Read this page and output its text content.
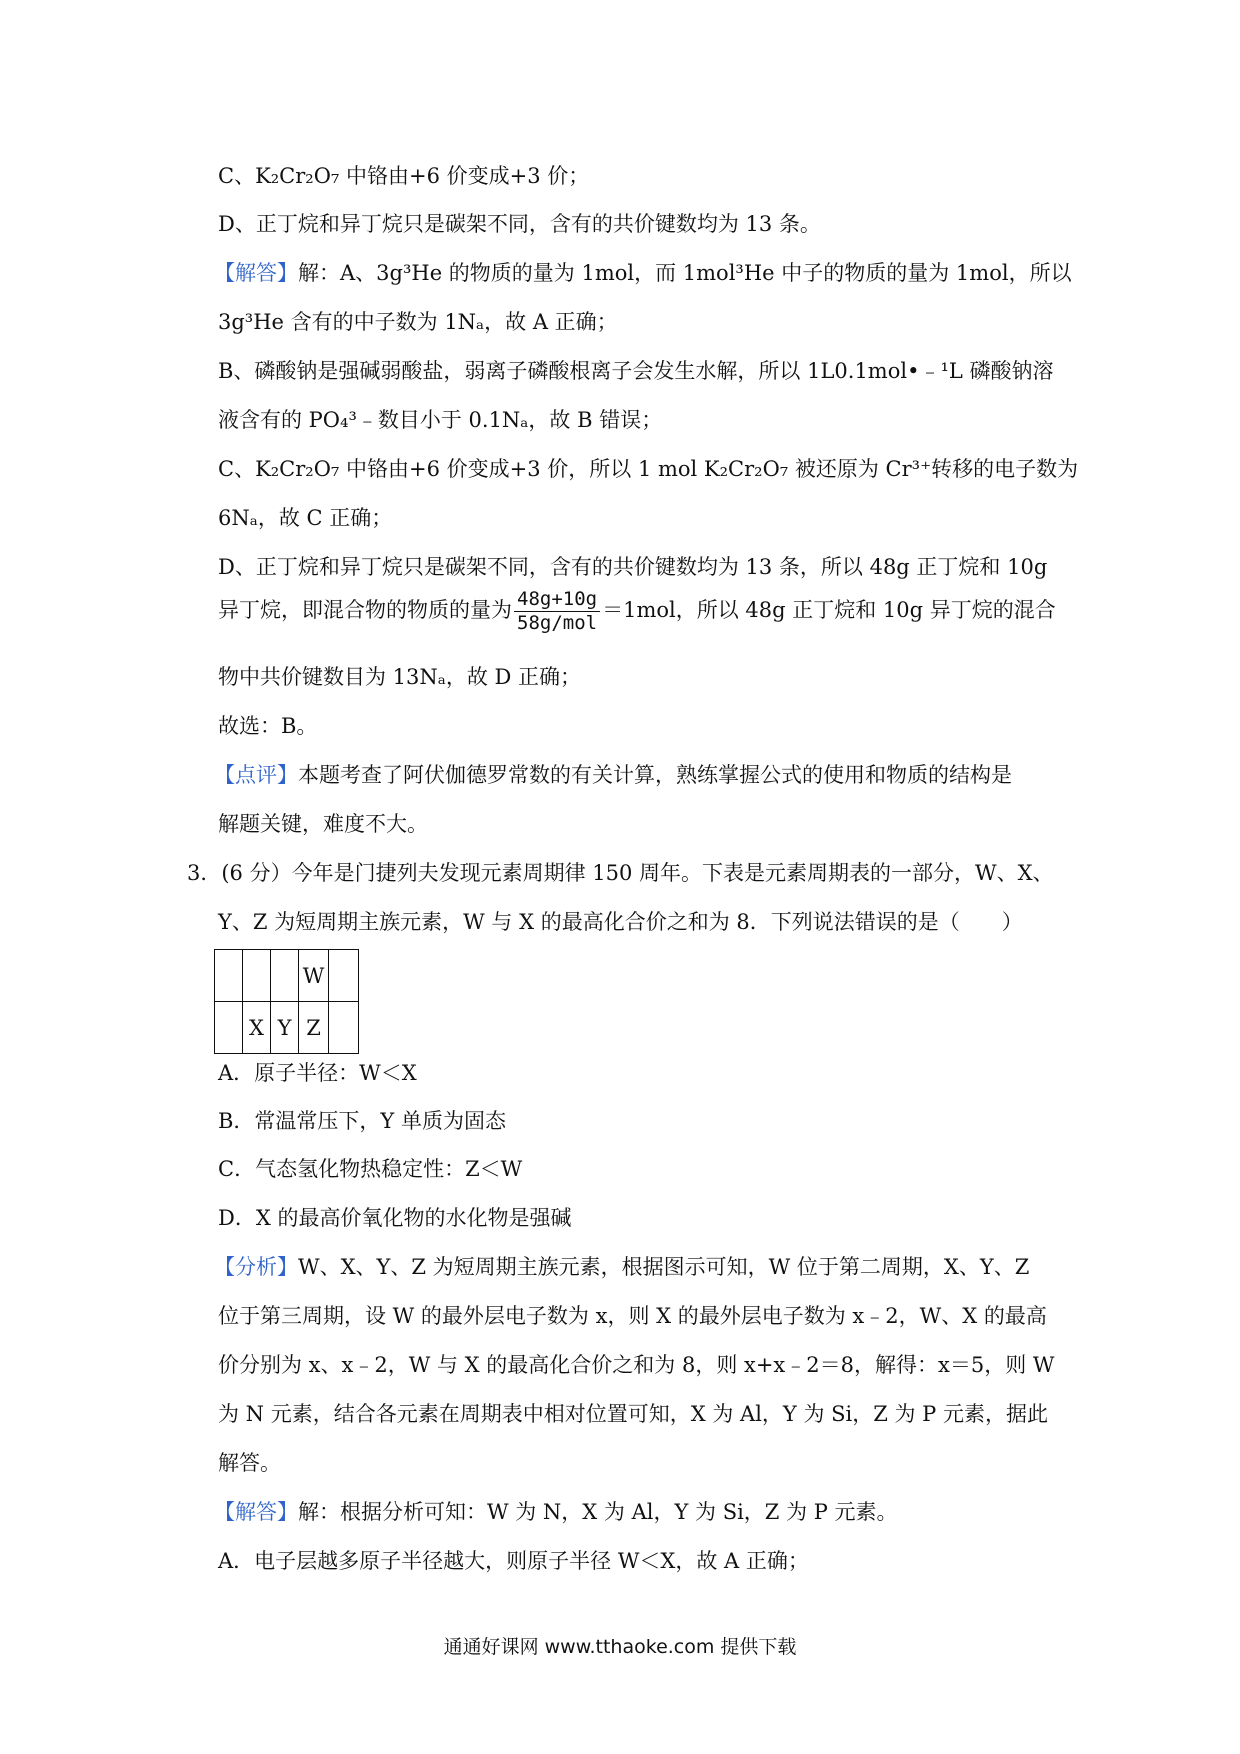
C、K₂Cr₂O₇ 中铬由+6 价变成+3 价；
D、正丁烷和异丁烷只是碳架不同，含有的共价键数均为 13 条。
【解答】解：A、3g³He 的物质的量为 1mol，而 1mol³He 中子的物质的量为 1mol，所以
3g³He 含有的中子数为 1Nₐ，故 A 正确；
B、磷酸钠是强碱弱酸盐，弱离子磷酸根离子会发生水解，所以 1L0.1mol•﹣¹L 磷酸钠溶
液含有的 PO₄³﹣数目小于 0.1Nₐ，故 B 错误；
C、K₂Cr₂O₇ 中铬由+6 价变成+3 价，所以 1 mol K₂Cr₂O₇ 被还原为 Cr³⁺转移的电子数为
6Nₐ，故 C 正确；
D、正丁烷和异丁烷只是碳架不同，含有的共价键数均为 13 条，所以 48g 正丁烷和 10g
异丁烷，即混合物的物质的量为 $\frac{48g+10g}{\text{58g/mol}} =1mol$，所以 48g 正丁烷和 10g 异丁烷的混合
物中共价键数目为 13Nₐ，故 D 正确；
故选：B。
【点评】本题考查了阿伏伽德罗常数的有关计算，熟练掌握公式的使用和物质的结构是
解题关键，难度不大。
3．(6 分）今年是门捷列夫发现元素周期律 150 周年。下表是元素周期表的一部分，W、X、
Y、Z 为短周期主族元素，W 与 X 的最高化合价之和为 8．下列说法错误的是（　　）
			W	
	X	Y	Z	
A．原子半径：W＜X
B．常温常压下，Y 单质为固态
C．气态氢化物热稳定性：Z＜W
D．X 的最高价氧化物的水化物是强碱
【分析】W、X、Y、Z 为短周期主族元素，根据图示可知，W 位于第二周期，X、Y、Z
位于第三周期，设 W 的最外层电子数为 x，则 X 的最外层电子数为 x﹣2，W、X 的最高
价分别为 x、x﹣2，W 与 X 的最高化合价之和为 8，则 x+x﹣2＝8，解得：x＝5，则 W
为 N 元素，结合各元素在周期表中相对位置可知，X 为 Al，Y 为 Si，Z 为 P 元素，据此
解答。
【解答】解：根据分析可知：W 为 N，X 为 Al，Y 为 Si，Z 为 P 元素。
A．电子层越多原子半径越大，则原子半径 W＜X，故 A 正确；
通通好课网 www.tthaoke.com 提供下载
